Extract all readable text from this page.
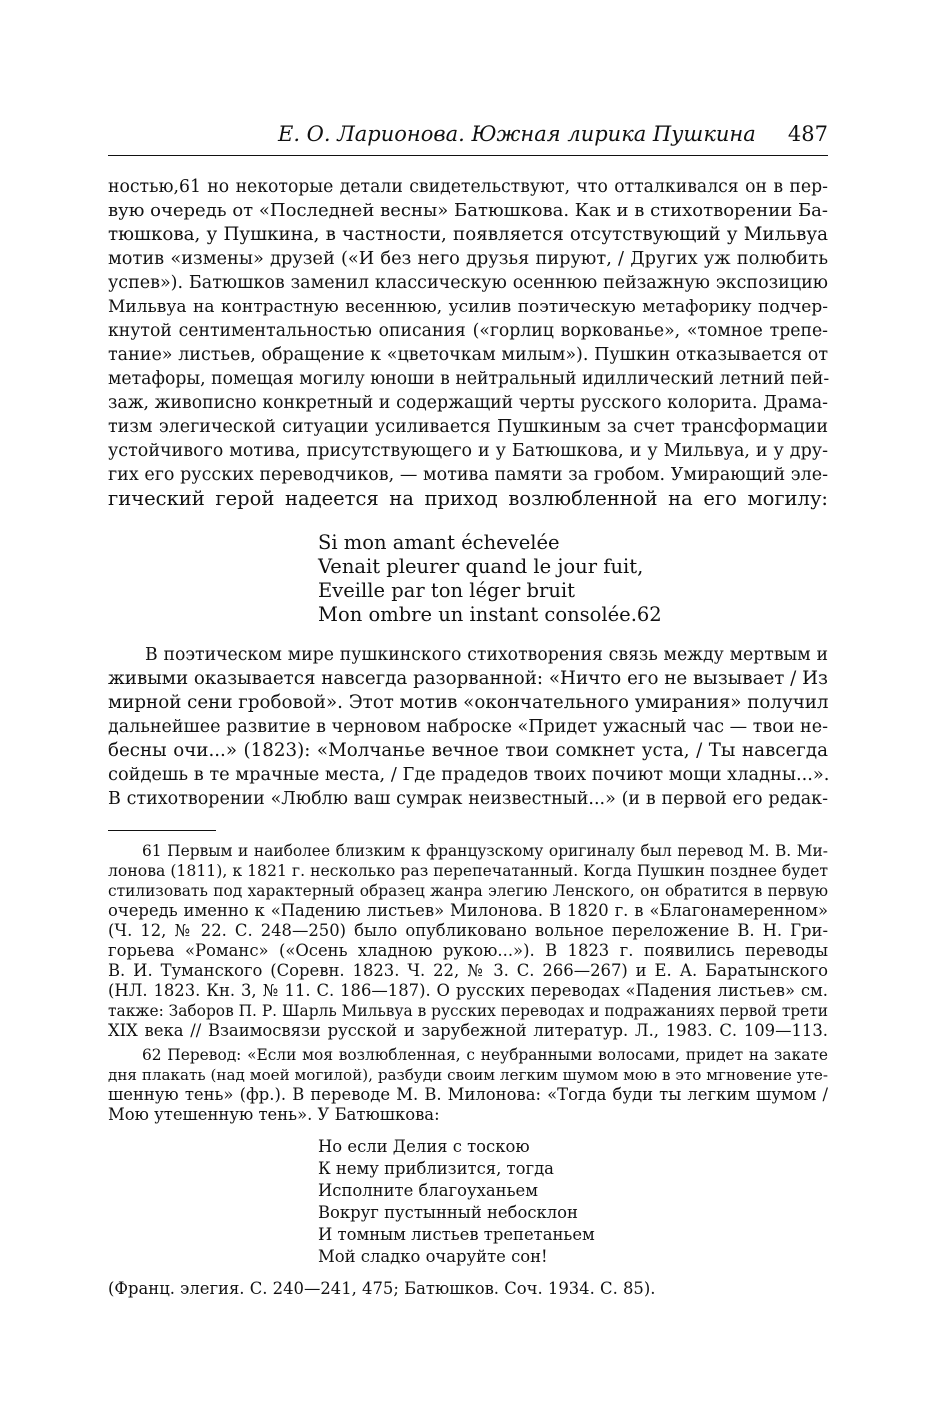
Е. О. Ларионова. Южная лирика Пушкина 487
ностью,61 но некоторые детали свидетельствуют, что отталкивался он в пер-
вую очередь от «Последней весны» Батюшкова. Как и в стихотворении Ба-
тюшкова, у Пушкина, в частности, появляется отсутствующий у Мильвуа
мотив «измены» друзей («И без него друзья пируют, / Других уж полюбить
успев»). Батюшков заменил классическую осеннюю пейзажную экспозицию
Мильвуа на контрастную весеннюю, усилив поэтическую метафорику подчер-
кнутой сентиментальностью описания («горлиц воркованье», «томное трепе-
тание» листьев, обращение к «цветочкам милым»). Пушкин отказывается от
метафоры, помещая могилу юноши в нейтральный идиллический летний пей-
заж, живописно конкретный и содержащий черты русского колорита. Драма-
тизм элегической ситуации усиливается Пушкиным за счет трансформации
устойчивого мотива, присутствующего и у Батюшкова, и у Мильвуа, и у дру-
гих его русских переводчиков, — мотива памяти за гробом. Умирающий эле-
гический герой надеется на приход возлюбленной на его могилу:
Si mon amant échevelée
Venait pleurer quand le jour fuit,
Eveille par ton léger bruit
Mon ombre un instant consolée.62
В поэтическом мире пушкинского стихотворения связь между мертвым и
живыми оказывается навсегда разорванной: «Ничто его не вызывает / Из
мирной сени гробовой». Этот мотив «окончательного умирания» получил
дальнейшее развитие в черновом наброске «Придет ужасный час — твои не-
бесны очи...» (1823): «Молчанье вечное твои сомкнет уста, / Ты навсегда
сойдешь в те мрачные места, / Где прадедов твоих почиют мощи хладны...».
В стихотворении «Люблю ваш сумрак неизвестный...» (и в первой его редак-
61 Первым и наиболее близким к французскому оригиналу был перевод М. В. Ми-
лонова (1811), к 1821 г. несколько раз перепечатанный. Когда Пушкин позднее будет
стилизовать под характерный образец жанра элегию Ленского, он обратится в первую
очередь именно к «Падению листьев» Милонова. В 1820 г. в «Благонамеренном»
(Ч. 12, № 22. С. 248—250) было опубликовано вольное переложение В. Н. Гри-
горьева «Романс» («Осень хладною рукою...»). В 1823 г. появились переводы
В. И. Туманского (Соревн. 1823. Ч. 22, № 3. С. 266—267) и Е. А. Баратынского
(НЛ. 1823. Кн. 3, № 11. С. 186—187). О русских переводах «Падения листьев» см.
также: Заборов П. Р. Шарль Мильвуа в русских переводах и подражаниях первой трети
XIX века // Взаимосвязи русской и зарубежной литератур. Л., 1983. С. 109—113.
62 Перевод: «Если моя возлюбленная, с неубранными волосами, придет на закате
дня плакать (над моей могилой), разбуди своим легким шумом мою в это мгновение уте-
шенную тень» (фр.). В переводе М. В. Милонова: «Тогда буди ты легким шумом /
Мою утешенную тень». У Батюшкова:
Но если Делия с тоскою
К нему приблизится, тогда
Исполните благоуханьем
Вокруг пустынный небосклон
И томным листьев трепетаньем
Мой сладко очаруйте сон!
(Франц. элегия. С. 240—241, 475; Батюшков. Соч. 1934. С. 85).
